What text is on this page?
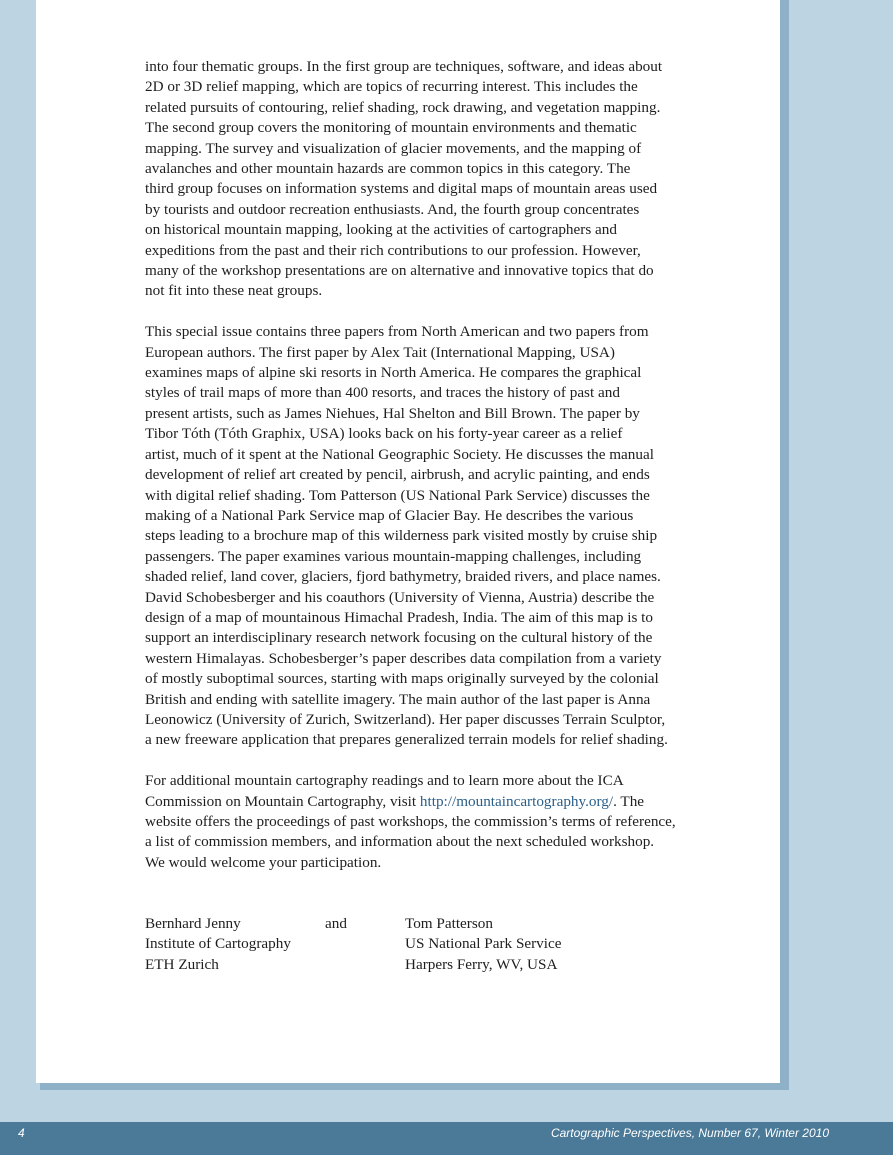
into four thematic groups. In the first group are techniques, software, and ideas about
2D or 3D relief mapping, which are topics of recurring interest. This includes the
related pursuits of contouring, relief shading, rock drawing, and vegetation mapping.
The second group covers the monitoring of mountain environments and thematic
mapping. The survey and visualization of glacier movements, and the mapping of
avalanches and other mountain hazards are common topics in this category. The
third group focuses on information systems and digital maps of mountain areas used
by tourists and outdoor recreation enthusiasts. And, the fourth group concentrates
on historical mountain mapping, looking at the activities of cartographers and
expeditions from the past and their rich contributions to our profession. However,
many of the workshop presentations are on alternative and innovative topics that do
not fit into these neat groups.

This special issue contains three papers from North American and two papers from
European authors. The first paper by Alex Tait (International Mapping, USA)
examines maps of alpine ski resorts in North America. He compares the graphical
styles of trail maps of more than 400 resorts, and traces the history of past and
present artists, such as James Niehues, Hal Shelton and Bill Brown. The paper by
Tibor Tóth (Tóth Graphix, USA) looks back on his forty-year career as a relief
artist, much of it spent at the National Geographic Society. He discusses the manual
development of relief art created by pencil, airbrush, and acrylic painting, and ends
with digital relief shading. Tom Patterson (US National Park Service) discusses the
making of a National Park Service map of Glacier Bay. He describes the various
steps leading to a brochure map of this wilderness park visited mostly by cruise ship
passengers. The paper examines various mountain-mapping challenges, including
shaded relief, land cover, glaciers, fjord bathymetry, braided rivers, and place names.
David Schobesberger and his coauthors (University of Vienna, Austria) describe the
design of a map of mountainous Himachal Pradesh, India. The aim of this map is to
support an interdisciplinary research network focusing on the cultural history of the
western Himalayas. Schobesberger’s paper describes data compilation from a variety
of mostly suboptimal sources, starting with maps originally surveyed by the colonial
British and ending with satellite imagery. The main author of the last paper is Anna
Leonowicz (University of Zurich, Switzerland). Her paper discusses Terrain Sculptor,
a new freeware application that prepares generalized terrain models for relief shading.

For additional mountain cartography readings and to learn more about the ICA
Commission on Mountain Cartography, visit http://mountaincartography.org/. The
website offers the proceedings of past workshops, the commission’s terms of reference,
a list of commission members, and information about the next scheduled workshop.
We would welcome your participation.

Bernhard Jenny
Institute of Cartography
ETH Zurich
and	Tom Patterson
US National Park Service
Harpers Ferry, WV, USA
4	Cartographic Perspectives, Number 67, Winter 2010
